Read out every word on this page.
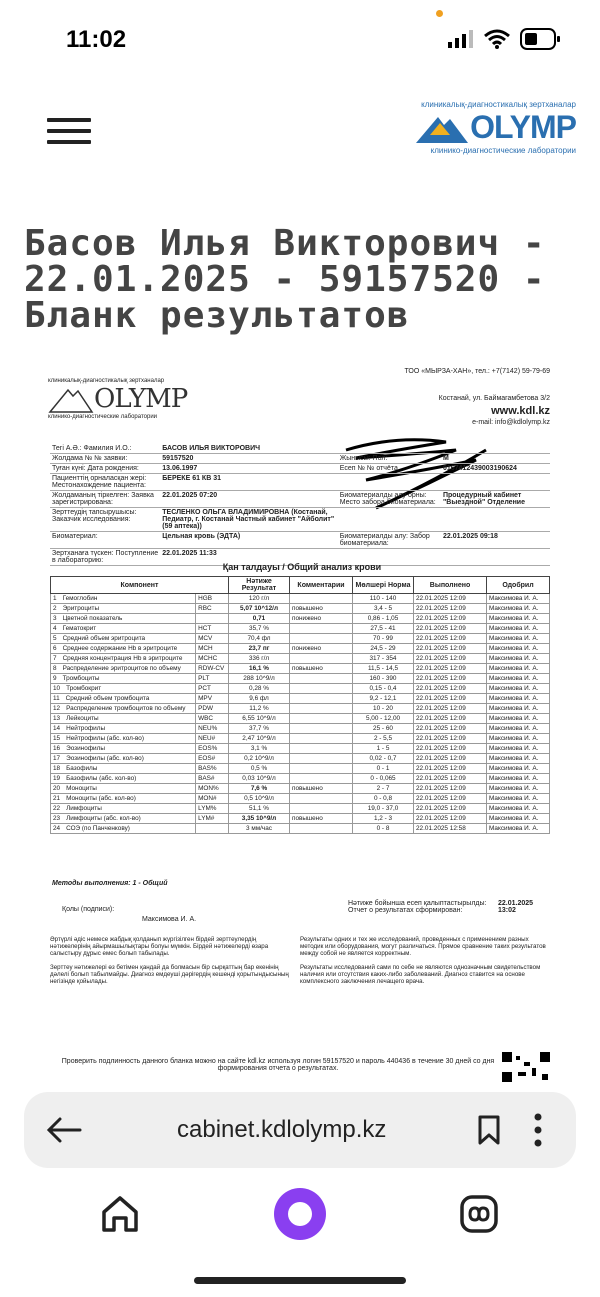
11:02
клиникалық-диагностикалық зертханалар
OLYMP
клинико-диагностические лаборатории
Басов Илья Викторович - 22.01.2025 - 59157520 - Бланк результатов
ТОО «МЫРЗА-ХАН», тел.: +7(7142) 59-79-69
Костанай, ул. Баймагамбетова 3/2
www.kdl.kz
e-mail: info@kdlolymp.kz
клиникалық-диагностикалық зертханалар
OLYMP
клинико-диагностические лаборатории
Тегі А.Ә.: Фамилия И.О.:	БАСОВ ИЛЬЯ ВИКТОРОВИЧ		
Жолдама № № заявки:	59157520	Жынысы: Пол:	М
Туған күні: Дата рождения:	13.06.1997	Есеп № № отчёта	0167412439003190624
Пациенттің орналасқан жері: Местонахождение пациента:	БЕРЕКЕ 61 КВ 31		
Жолдаманың тіркелген: Заявка зарегистрирована:	22.01.2025 07:20	Биоматериалды алу орны: Место забора биоматериала:	Процедурный кабинет "Выездной" Отделение
Зерттеудің тапсырушысы: Заказчик исследования:	ТЕСЛЕНКО ОЛЬГА ВЛАДИМИРОВНА (Костанай, Педиатр, г. Костанай Частный кабинет "Айболит" (59 аптека))		
Биоматериал:	Цельная кровь (ЭДТА)	Биоматериалды алу: Забор биоматериала:	22.01.2025 09:18
Зертханаға түскен: Поступление в лабораторию:	22.01.2025 11:33		
Қан талдауы / Общий анализ крови
Компонент		Нәтиже Результат	Комментарии	Мөлшері Норма	Выполнено	Одобрил
1 Гемоглобин	HGB	120 г/л		110 - 140	22.01.2025 12:09	Максимова И. А.
2 Эритроциты	RBC	5,07 10^12/л	повышено	3,4 - 5	22.01.2025 12:09	Максимова И. А.
3 Цветной показатель		0,71	понижено	0,86 - 1,05	22.01.2025 12:09	Максимова И. А.
4 Гематокрит	HCT	35,7 %		27,5 - 41	22.01.2025 12:09	Максимова И. А.
5 Средний объем эритроцита	MCV	70,4 фл		70 - 99	22.01.2025 12:09	Максимова И. А.
6 Среднее содержание Hb в эритроците	MCH	23,7 пг	понижено	24,5 - 29	22.01.2025 12:09	Максимова И. А.
7 Средняя концентрация Hb в эритроците	MCHC	336 г/л		317 - 354	22.01.2025 12:09	Максимова И. А.
8 Распределение эритроцитов по объему	RDW-CV	16,1 %	повышено	11,5 - 14,5	22.01.2025 12:09	Максимова И. А.
9 Тромбоциты	PLT	288 10^9/л		160 - 390	22.01.2025 12:09	Максимова И. А.
10 Тромбокрит	PCT	0,28 %		0,15 - 0,4	22.01.2025 12:09	Максимова И. А.
11 Средний объем тромбоцита	MPV	9,6 фл		9,2 - 12,1	22.01.2025 12:09	Максимова И. А.
12 Распределение тромбоцитов по объему	PDW	11,2 %		10 - 20	22.01.2025 12:09	Максимова И. А.
13 Лейкоциты	WBC	6,55 10^9/л		5,00 - 12,00	22.01.2025 12:09	Максимова И. А.
14 Нейтрофилы	NEU%	37,7 %		25 - 60	22.01.2025 12:09	Максимова И. А.
15 Нейтрофилы (абс. кол-во)	NEU#	2,47 10^9/л		2 - 5,5	22.01.2025 12:09	Максимова И. А.
16 Эозинофилы	EOS%	3,1 %		1 - 5	22.01.2025 12:09	Максимова И. А.
17 Эозинофилы (абс. кол-во)	EOS#	0,2 10^9/л		0,02 - 0,7	22.01.2025 12:09	Максимова И. А.
18 Базофилы	BAS%	0,5 %		0 - 1	22.01.2025 12:09	Максимова И. А.
19 Базофилы (абс. кол-во)	BAS#	0,03 10^9/л		0 - 0,065	22.01.2025 12:09	Максимова И. А.
20 Моноциты	MON%	7,6 %	повышено	2 - 7	22.01.2025 12:09	Максимова И. А.
21 Моноциты (абс. кол-во)	MON#	0,5 10^9/л		0 - 0,8	22.01.2025 12:09	Максимова И. А.
22 Лимфоциты	LYM%	51,1 %		19,0 - 37,0	22.01.2025 12:09	Максимова И. А.
23 Лимфоциты (абс. кол-во)	LYM#	3,35 10^9/л	повышено	1,2 - 3	22.01.2025 12:09	Максимова И. А.
24 СОЭ (по Панченкову)		3 мм/час		0 - 8	22.01.2025 12:58	Максимова И. А.
Методы выполнения: 1 - Общий
Қолы (подписи):
Максимова И. А.
Нәтиже бойынша есеп қалыптастырылды: Отчет о результатах сформирован:
22.01.2025 13:02
Әртүрлі әдіс немесе жабдық қолданып жүргізілген бірдей зерттеулердің нәтижелерінің айырмашылықтары болуы мүмкін. Бірдей нәтижелерді өзара салыстыру дұрыс емес болып табылады.
Результаты одних и тех же исследований, проведенных с применением разных методик или оборудования, могут различаться. Прямое сравнение таких результатов между собой не является корректным.
Зерттеу нәтижелері өз бетімен қандай да болмасын бір сырқаттың бар екенінің дәлелі болып табылмайды. Диагноз емдеуші дәрігердің кешенді қорытындысының негізінде қойылады.
Результаты исследований сами по себе не являются однозначным свидетельством наличия или отсутствия каких-либо заболеваний. Диагноз ставится на основе комплексного заключения лечащего врача.
Проверить подлинность данного бланка можно на сайте kdl.kz используя логин 59157520 и пароль 440436 в течение 30 дней со дня формирования отчета о результатах.
cabinet.kdlolymp.kz
